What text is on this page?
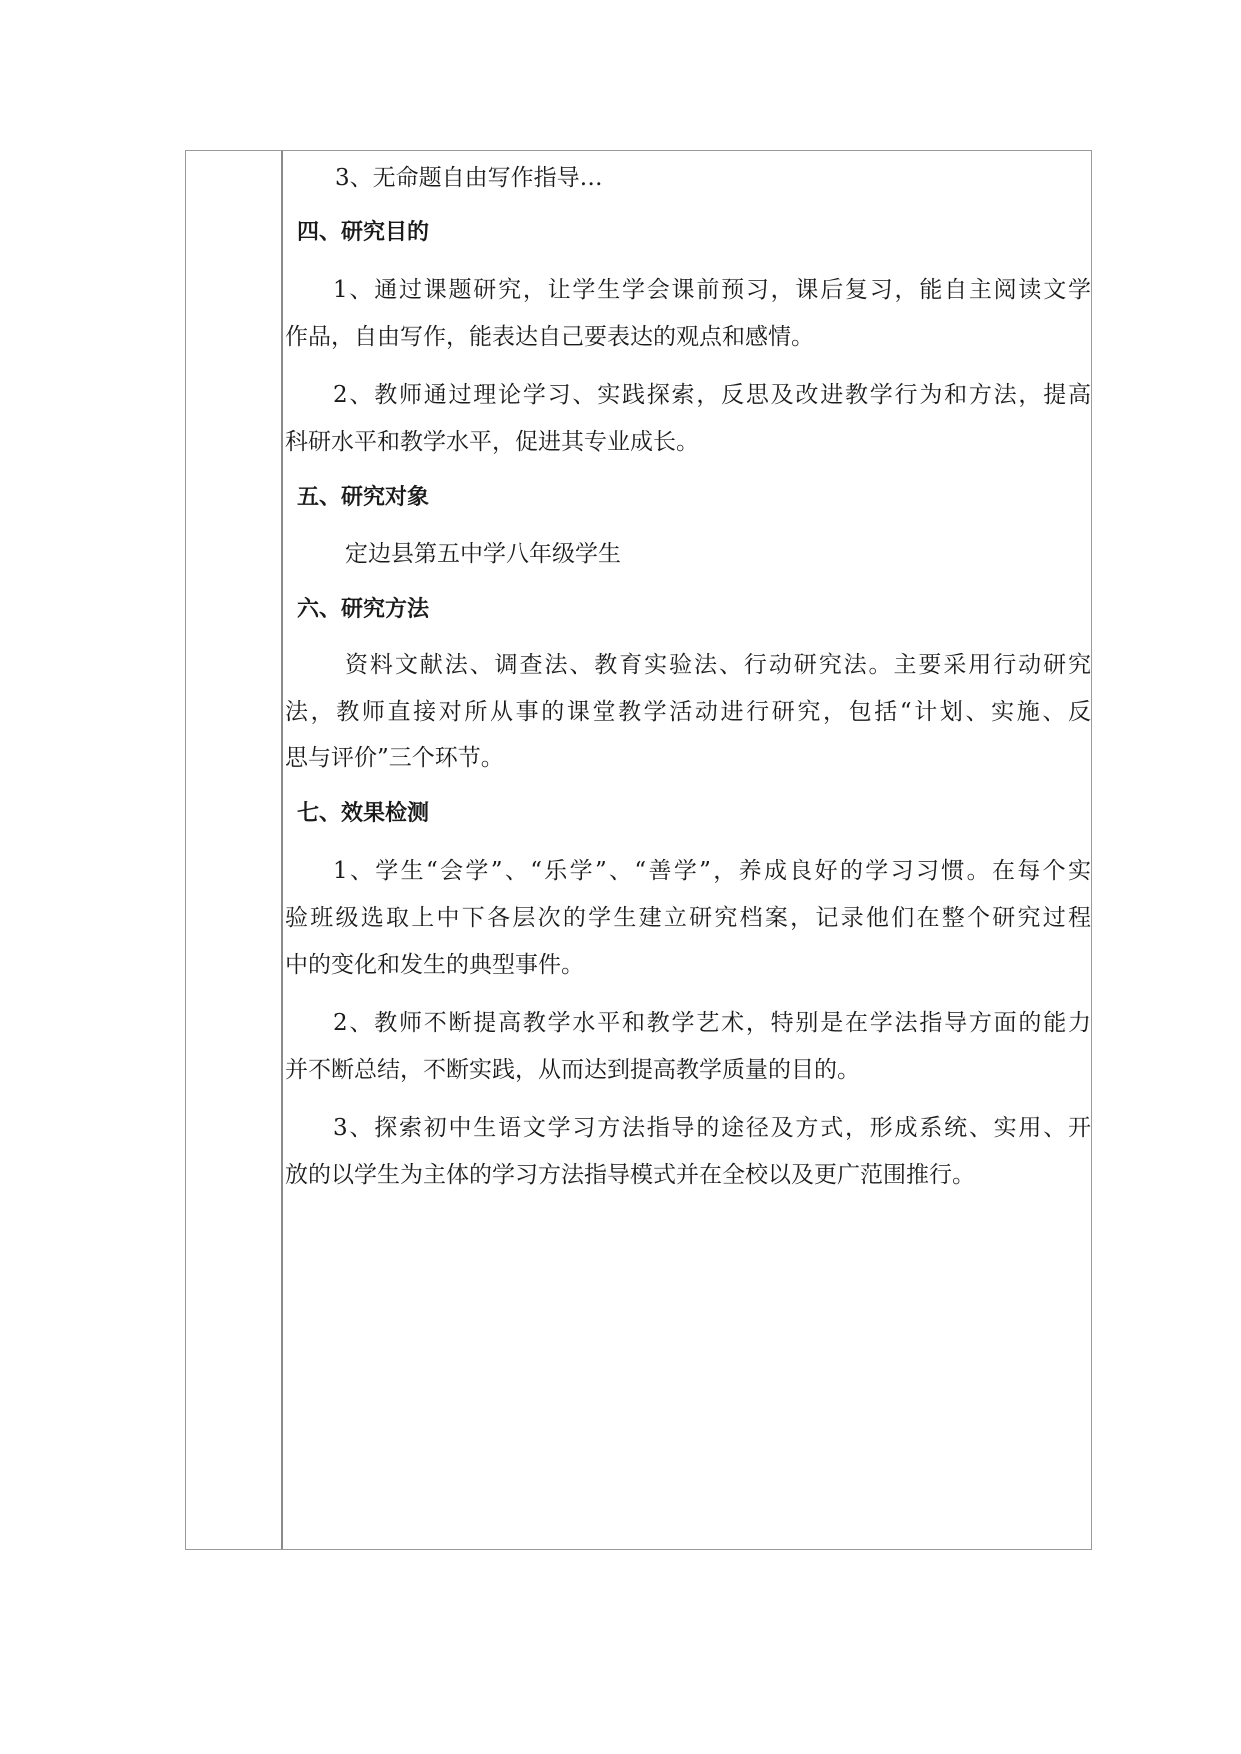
3、无命题自由写作指导…
四、研究目的
1、通过课题研究，让学生学会课前预习，课后复习，能自主阅读文学
作品，自由写作，能表达自己要表达的观点和感情。
2、教师通过理论学习、实践探索，反思及改进教学行为和方法，提高
科研水平和教学水平，促进其专业成长。
五、研究对象
定边县第五中学八年级学生
六、研究方法
资料文献法、调查法、教育实验法、行动研究法。主要采用行动研究
法，教师直接对所从事的课堂教学活动进行研究，包括“计划、实施、反
思与评价”三个环节。
七、效果检测
1、学生“会学”、“乐学”、“善学”，养成良好的学习习惯。在每个实
验班级选取上中下各层次的学生建立研究档案，记录他们在整个研究过程
中的变化和发生的典型事件。
2、教师不断提高教学水平和教学艺术，特别是在学法指导方面的能力
并不断总结，不断实践，从而达到提高教学质量的目的。
3、探索初中生语文学习方法指导的途径及方式，形成系统、实用、开
放的以学生为主体的学习方法指导模式并在全校以及更广范围推行。
